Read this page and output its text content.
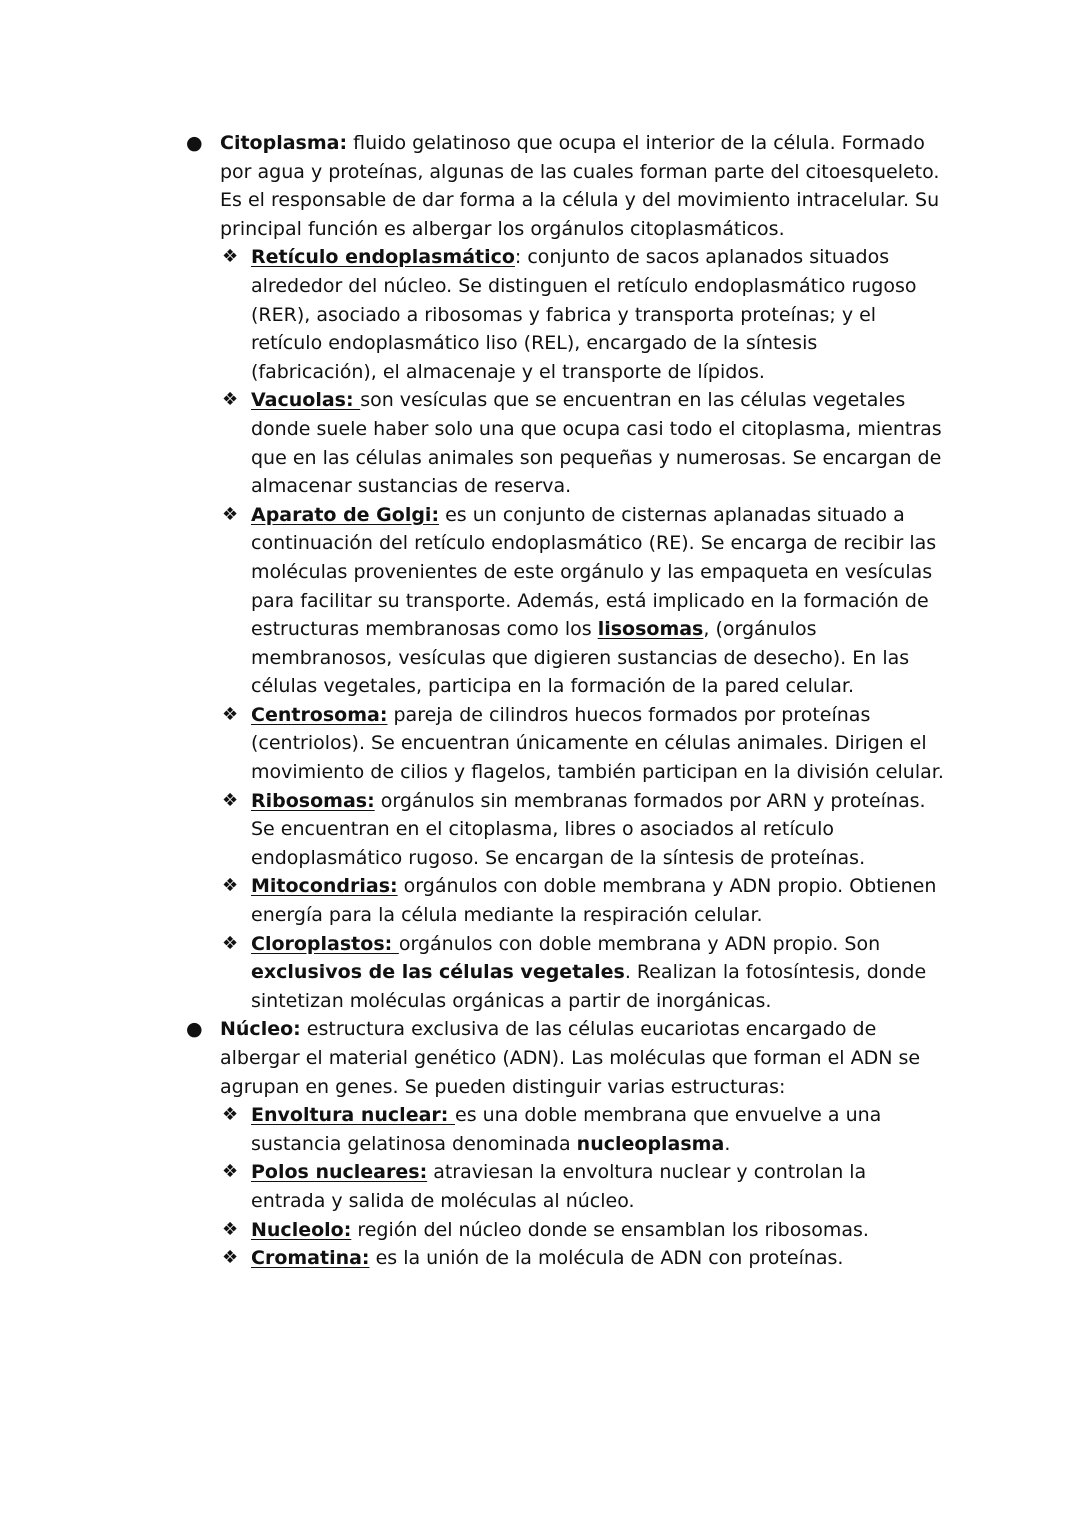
● Citoplasma: fluido gelatinoso que ocupa el interior de la célula. Formado por agua y proteínas, algunas de las cuales forman parte del citoesqueleto. Es el responsable de dar forma a la célula y del movimiento intracelular. Su principal función es albergar los orgánulos citoplasmáticos.

❖ Retículo endoplasmático: conjunto de sacos aplanados situados alrededor del núcleo. Se distinguen el retículo endoplasmático rugoso (RER), asociado a ribosomas y fabrica y transporta proteínas; y el retículo endoplasmático liso (REL), encargado de la síntesis (fabricación), el almacenaje y el transporte de lípidos.

❖ Vacuolas: son vesículas que se encuentran en las células vegetales donde suele haber solo una que ocupa casi todo el citoplasma, mientras que en las células animales son pequeñas y numerosas. Se encargan de almacenar sustancias de reserva.

❖ Aparato de Golgi: es un conjunto de cisternas aplanadas situado a continuación del retículo endoplasmático (RE). Se encarga de recibir las moléculas provenientes de este orgánulo y las empaqueta en vesículas para facilitar su transporte. Además, está implicado en la formación de estructuras membranosas como los lisosomas, (orgánulos membranosos, vesículas que digieren sustancias de desecho). En las células vegetales, participa en la formación de la pared celular.

❖ Centrosoma: pareja de cilindros huecos formados por proteínas (centriolos). Se encuentran únicamente en células animales. Dirigen el movimiento de cilios y flagelos, también participan en la división celular.

❖ Ribosomas: orgánulos sin membranas formados por ARN y proteínas. Se encuentran en el citoplasma, libres o asociados al retículo endoplasmático rugoso. Se encargan de la síntesis de proteínas.

❖ Mitocondrias: orgánulos con doble membrana y ADN propio. Obtienen energía para la célula mediante la respiración celular.

❖ Cloroplastos: orgánulos con doble membrana y ADN propio. Son exclusivos de las células vegetales. Realizan la fotosíntesis, donde sintetizan moléculas orgánicas a partir de inorgánicas.

● Núcleo: estructura exclusiva de las células eucariotas encargado de albergar el material genético (ADN). Las moléculas que forman el ADN se agrupan en genes. Se pueden distinguir varias estructuras:

❖ Envoltura nuclear: es una doble membrana que envuelve a una sustancia gelatinosa denominada nucleoplasma.

❖ Polos nucleares: atraviesan la envoltura nuclear y controlan la entrada y salida de moléculas al núcleo.

❖ Nucleolo: región del núcleo donde se ensamblan los ribosomas.

❖ Cromatina: es la unión de la molécula de ADN con proteínas.
